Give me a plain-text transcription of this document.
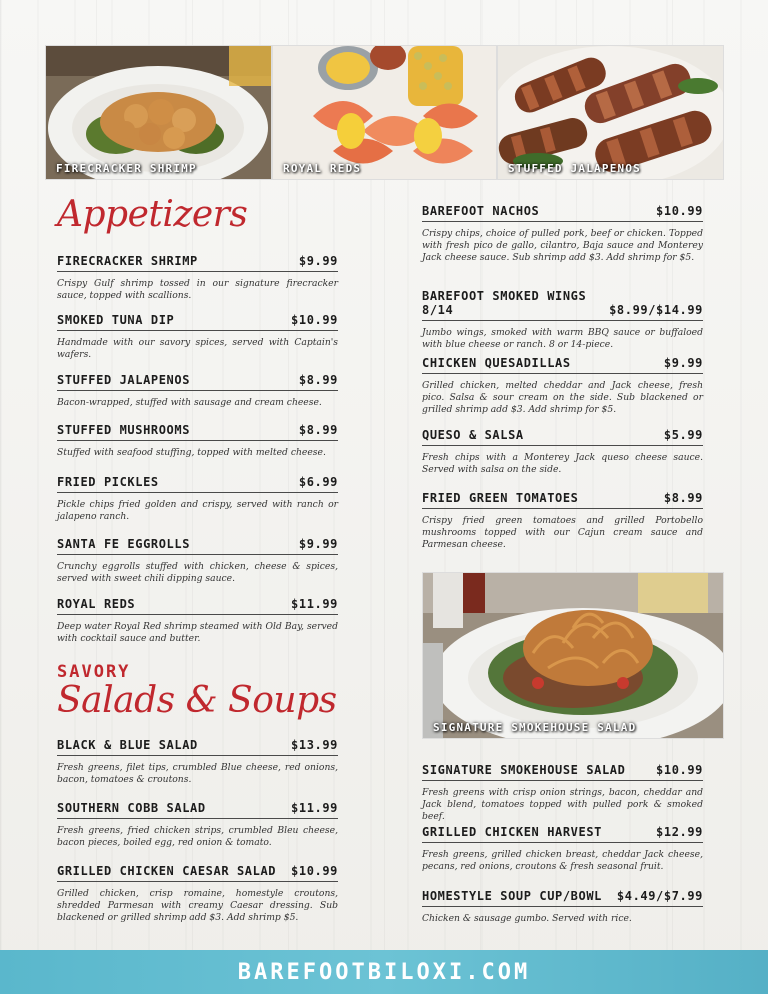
FIRECRACKER SHRIMP	ROYAL REDS	STUFFED JALAPENOS
Appetizers
FIRECRACKER SHRIMP	$9.99
Crispy Gulf shrimp tossed in our signature firecracker sauce, topped with scallions.
SMOKED TUNA DIP	$10.99
Handmade with our savory spices, served with Captain's wafers.
STUFFED JALAPENOS	$8.99
Bacon-wrapped, stuffed with sausage and cream cheese.
STUFFED MUSHROOMS	$8.99
Stuffed with seafood stuffing, topped with melted cheese.
FRIED PICKLES	$6.99
Pickle chips fried golden and crispy, served with ranch or jalapeno ranch.
SANTA FE EGGROLLS	$9.99
Crunchy eggrolls stuffed with chicken, cheese & spices, served with sweet chili dipping sauce.
ROYAL REDS	$11.99
Deep water Royal Red shrimp steamed with Old Bay, served with cocktail sauce and butter.
SAVORY
Salads & Soups
BLACK & BLUE SALAD	$13.99
Fresh greens, filet tips, crumbled Blue cheese, red onions, bacon, tomatoes & croutons.
SOUTHERN COBB SALAD	$11.99
Fresh greens, fried chicken strips, crumbled Bleu cheese, bacon pieces, boiled egg, red onion & tomato.
GRILLED CHICKEN CAESAR SALAD $10.99
Grilled chicken, crisp romaine, homestyle croutons, shredded Parmesan with creamy Caesar dressing. Sub blackened or grilled shrimp add $3. Add shrimp $5.
BAREFOOT NACHOS	$10.99
Crispy chips, choice of pulled pork, beef or chicken. Topped with fresh pico de gallo, cilantro, Baja sauce and Monterey Jack cheese sauce. Sub shrimp add $3. Add shrimp for $5.
BAREFOOT SMOKED WINGS 8/14	$8.99/$14.99
Jumbo wings, smoked with warm BBQ sauce or buffaloed with blue cheese or ranch. 8 or 14-piece.
CHICKEN QUESADILLAS	$9.99
Grilled chicken, melted cheddar and Jack cheese, fresh pico. Salsa & sour cream on the side. Sub blackened or grilled shrimp add $3. Add shrimp for $5.
QUESO & SALSA	$5.99
Fresh chips with a Monterey Jack queso cheese sauce. Served with salsa on the side.
FRIED GREEN TOMATOES	$8.99
Crispy fried green tomatoes and grilled Portobello mushrooms topped with our Cajun cream sauce and Parmesan cheese.
SIGNATURE SMOKEHOUSE SALAD
SIGNATURE SMOKEHOUSE SALAD	$10.99
Fresh greens with crisp onion strings, bacon, cheddar and Jack blend, tomatoes topped with pulled pork & smoked beef.
GRILLED CHICKEN HARVEST	$12.99
Fresh greens, grilled chicken breast, cheddar Jack cheese, pecans, red onions, croutons & fresh seasonal fruit.
HOMESTYLE SOUP CUP/BOWL $4.49/$7.99
Chicken & sausage gumbo. Served with rice.
BAREFOOTBILOXI.COM
